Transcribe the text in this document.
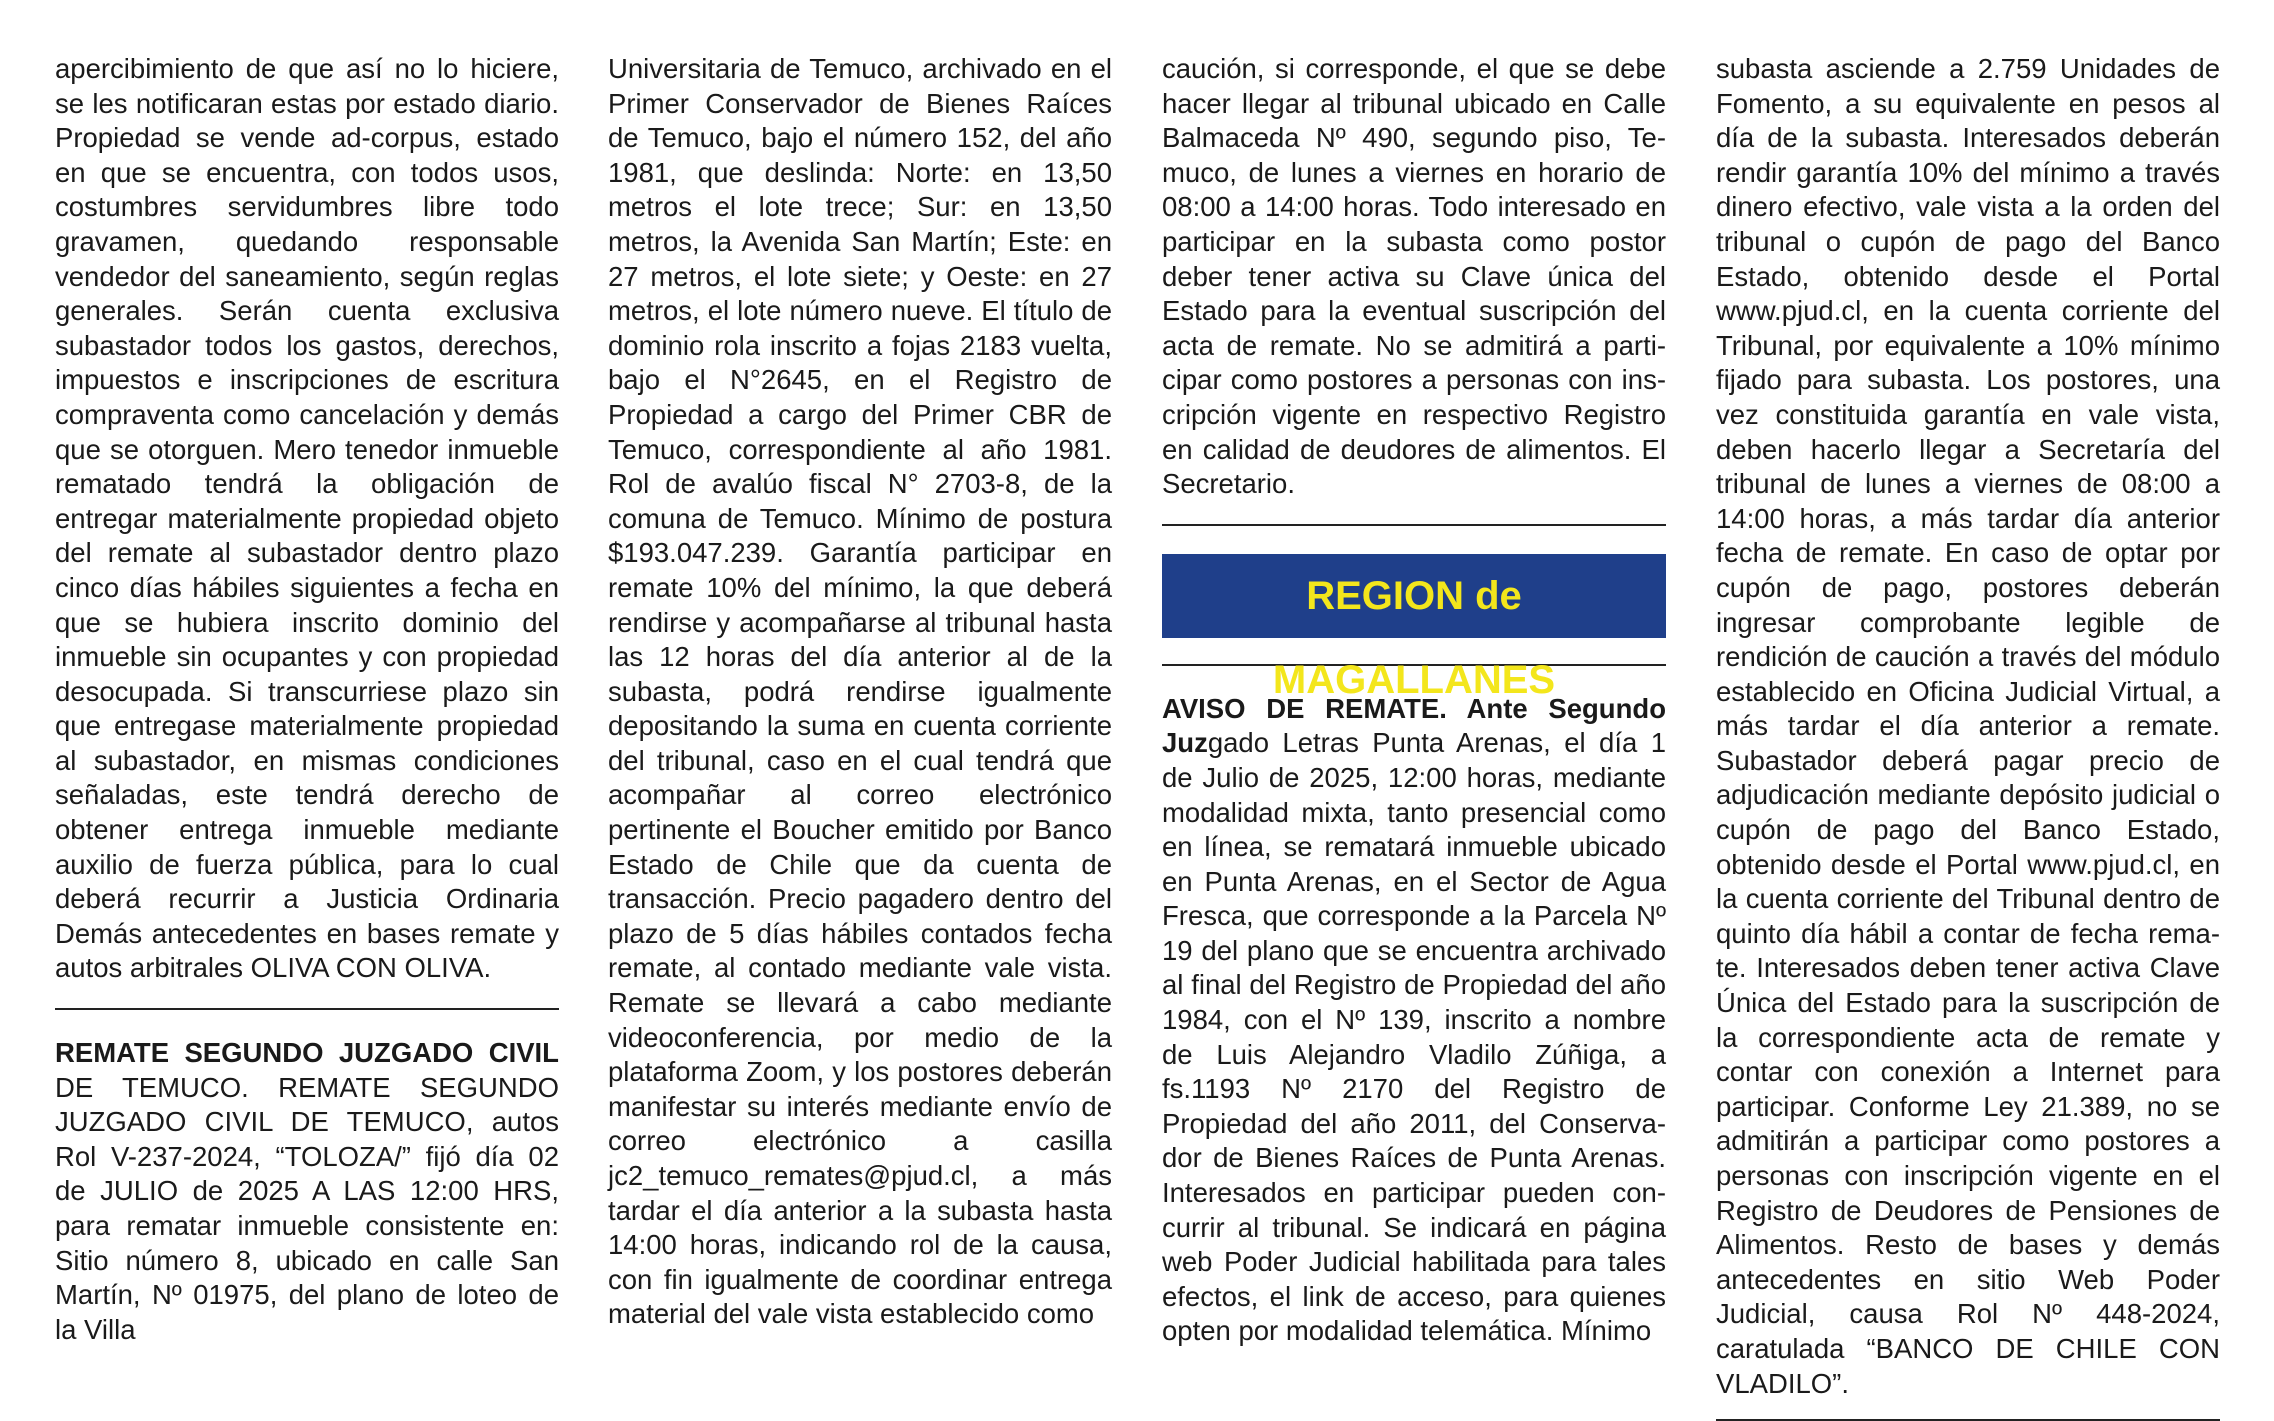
apercibimiento de que así no lo hiciere, se les notificaran estas por estado diario. Propiedad se vende ad-corpus, estado en que se encuentra, con todos usos, costumbres servidumbres libre todo gravamen, quedando responsable vendedor del saneamiento, según reglas generales. Serán cuenta exclusiva subastador todos los gastos, derechos, impuestos e inscripciones de escritura compraventa como cancelación y demás que se otorguen. Mero tenedor inmueble rematado tendrá la obligación de entregar materialmente propiedad objeto del remate al subastador dentro plazo cinco días hábiles siguientes a fecha en que se hubiera inscrito dominio del inmueble sin ocupantes y con propiedad desocupada. Si transcurriese plazo sin que entregase materialmente propiedad al subastador, en mismas condiciones señaladas, este tendrá derecho de obtener entrega inmueble mediante auxilio de fuerza pública, para lo cual deberá recurrir a Justicia Ordinaria Demás antecedentes en bases remate y autos arbitrales OLIVA CON OLIVA.

REMATE SEGUNDO JUZGADO CIVIL DE TEMUCO. REMATE SEGUNDO JUZGADO CIVIL DE TEMUCO, autos Rol V-237-2024, “TOLOZA/” fijó día 02 de JULIO de 2025 A LAS 12:00 HRS, para rematar inmueble consistente en: Sitio número 8, ubicado en calle San Martín, Nº 01975, del plano de loteo de la Villa

Universitaria de Temuco, archivado en el Primer Conservador de Bienes Raíces de Temuco, bajo el número 152, del año 1981, que deslinda: Norte: en 13,50 metros el lote trece; Sur: en 13,50 metros, la Avenida San Martín; Este: en 27 metros, el lote siete; y Oeste: en 27 metros, el lote número nueve. El título de dominio rola inscrito a fojas 2183 vuelta, bajo el N°2645, en el Registro de Propiedad a cargo del Primer CBR de Temuco, correspondiente al año 1981. Rol de avalúo fiscal N° 2703-8, de la comuna de Temuco. Mínimo de postura $193.047.239. Garantía participar en remate 10% del mínimo, la que deberá rendirse y acompañarse al tribunal hasta las 12 horas del día anterior al de la subasta, podrá rendirse igualmente depositando la suma en cuenta corriente del tribunal, caso en el cual tendrá que acompañar al correo electrónico pertinente el Boucher emitido por Banco Estado de Chile que da cuenta de transacción. Precio pagadero dentro del plazo de 5 días hábiles contados fecha remate, al contado mediante vale vista. Remate se llevará a cabo mediante videoconferencia, por medio de la plataforma Zoom, y los postores deberán manifestar su interés mediante envío de correo electrónico a casilla jc2_temuco_remates@pjud.cl, a más tardar el día anterior a la subasta hasta 14:00 horas, indicando rol de la causa, con fin igualmente de coordinar entrega material del vale vista establecido como

caución, si corresponde, el que se debe hacer llegar al tribunal ubicado en Calle Balmaceda Nº 490, segundo piso, Temuco, de lunes a viernes en horario de 08:00 a 14:00 horas. Todo interesado en participar en la subasta como postor deber tener activa su Clave única del Estado para la eventual suscripción del acta de remate. No se admitirá a participar como postores a personas con inscripción vigente en respectivo Registro en calidad de deudores de alimentos. El Secretario.

REGION de MAGALLANES

AVISO DE REMATE. Ante Segundo Juzgado Letras Punta Arenas, el día 1 de Julio de 2025, 12:00 horas, mediante modalidad mixta, tanto presencial como en línea, se rematará inmueble ubicado en Punta Arenas, en el Sector de Agua Fresca, que corresponde a la Parcela Nº 19 del plano que se encuentra archivado al final del Registro de Propiedad del año 1984, con el Nº 139, inscrito a nombre de Luis Alejandro Vladilo Zúñiga, a fs.1193 Nº 2170 del Registro de Propiedad del año 2011, del Conservador de Bienes Raíces de Punta Arenas. Interesados en participar pueden concurrir al tribunal. Se indicará en página web Poder Judicial habilitada para tales efectos, el link de acceso, para quienes opten por modalidad telemática. Mínimo

subasta asciende a 2.759 Unidades de Fomento, a su equivalente en pesos al día de la subasta. Interesados deberán rendir garantía 10% del mínimo a través dinero efectivo, vale vista a la orden del tribunal o cupón de pago del Banco Estado, obtenido desde el Portal www.pjud.cl, en la cuenta corriente del Tribunal, por equivalente a 10% mínimo fijado para subasta. Los postores, una vez constituida garantía en vale vista, deben hacerlo llegar a Secretaría del tribunal de lunes a viernes de 08:00 a 14:00 horas, a más tardar día anterior fecha de remate. En caso de optar por cupón de pago, postores deberán ingresar comprobante legible de rendición de caución a través del módulo establecido en Oficina Judicial Virtual, a más tardar el día anterior a remate. Subastador deberá pagar precio de adjudicación mediante depósito judicial o cupón de pago del Banco Estado, obtenido desde el Portal www.pjud.cl, en la cuenta corriente del Tribunal dentro de quinto día hábil a contar de fecha remate. Interesados deben tener activa Clave Única del Estado para la suscripción de la correspondiente acta de remate y contar con conexión a Internet para participar. Conforme Ley 21.389, no se admitirán a participar como postores a personas con inscripción vigente en el Registro de Deudores de Pensiones de Alimentos. Resto de bases y demás antecedentes en sitio Web Poder Judicial, causa Rol Nº 448-2024, caratulada “BANCO DE CHILE CON VLADILO”.
